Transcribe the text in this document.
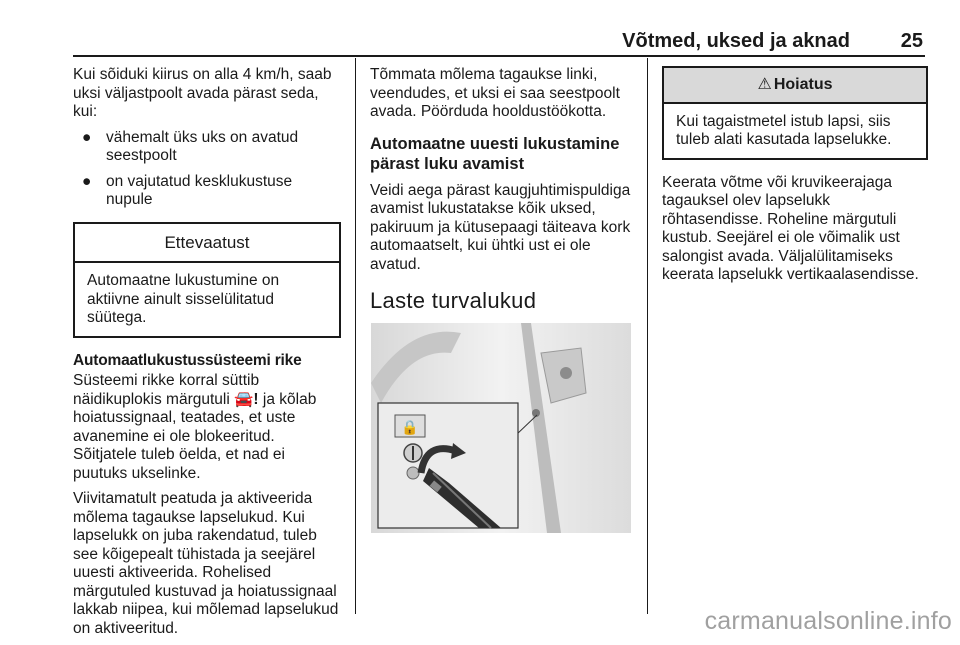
Võtmed, uksed ja aknad	25

Kui sõiduki kiirus on alla 4 km/h, saab uksi väljastpoolt avada pärast seda, kui:

● vähemalt üks uks on avatud seestpoolt
● on vajutatud kesklukustuse nupule
Ettevaatust
Automaatne lukustumine on aktiivne ainult sisselülitatud süütega.
Automaatlukustussüsteemi rike

Süsteemi rikke korral süttib näidikuplokis märgutuli 🚘! ja kõlab hoiatussignaal, teatades, et uste avanemine ei ole blokeeritud. Sõitjatele tuleb öelda, et nad ei puutuks ukselinke.

Viivitamatult peatuda ja aktiveerida mõlema tagaukse lapselukud. Kui lapselukk on juba rakendatud, tuleb see kõigepealt tühistada ja seejärel uuesti aktiveerida. Rohelised märgutuled kustuvad ja hoiatussignaal lakkab niipea, kui mõlemad lapselukud on aktiveeritud.

Tõmmata mõlema tagaukse linki, veendudes, et uksi ei saa seestpoolt avada. Pöörduda hooldustöökotta.

Automaatne uuesti lukustamine pärast luku avamist

Veidi aega pärast kaugjuhtimispuldiga avamist lukustatakse kõik uksed, pakiruum ja kütusepaagi täiteava kork automaatselt, kui ühtki ust ei ole avatud.

Laste turvalukud
🔒
⚠ Hoiatus
Kui tagaistmetel istub lapsi, siis tuleb alati kasutada lapselukke.

Keerata võtme või kruvikeerajaga tagauksel olev lapselukk rõhtasendisse. Roheline märgutuli kustub. Seejärel ei ole võimalik ust salongist avada. Väljalülitamiseks keerata lapselukk vertikaalasendisse.

carmanualsonline.info
